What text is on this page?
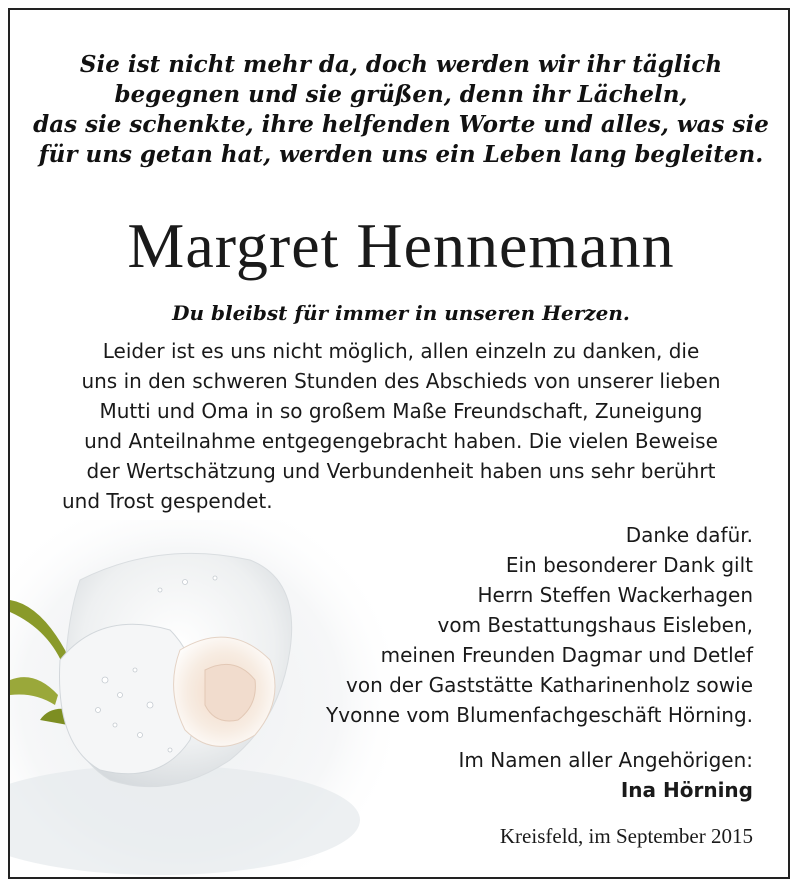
Sie ist nicht mehr da, doch werden wir ihr täglich
begegnen und sie grüßen, denn ihr Lächeln,
das sie schenkte, ihre helfenden Worte und alles, was sie
für uns getan hat, werden uns ein Leben lang begleiten.
Margret Hennemann
Du bleibst für immer in unseren Herzen.
Leider ist es uns nicht möglich, allen einzeln zu danken, die
uns in den schweren Stunden des Abschieds von unserer lieben
Mutti und Oma in so großem Maße Freundschaft, Zuneigung
und Anteilnahme entgegengebracht haben. Die vielen Beweise
der Wertschätzung und Verbundenheit haben uns sehr berührt
und Trost gespendet.
Danke dafür.
Ein besonderer Dank gilt
Herrn Steffen Wackerhagen
vom Bestattungshaus Eisleben,
meinen Freunden Dagmar und Detlef
von der Gaststätte Katharinenholz sowie
Yvonne vom Blumenfachgeschäft Hörning.
Im Namen aller Angehörigen:
Ina Hörning
Kreisfeld, im September 2015
